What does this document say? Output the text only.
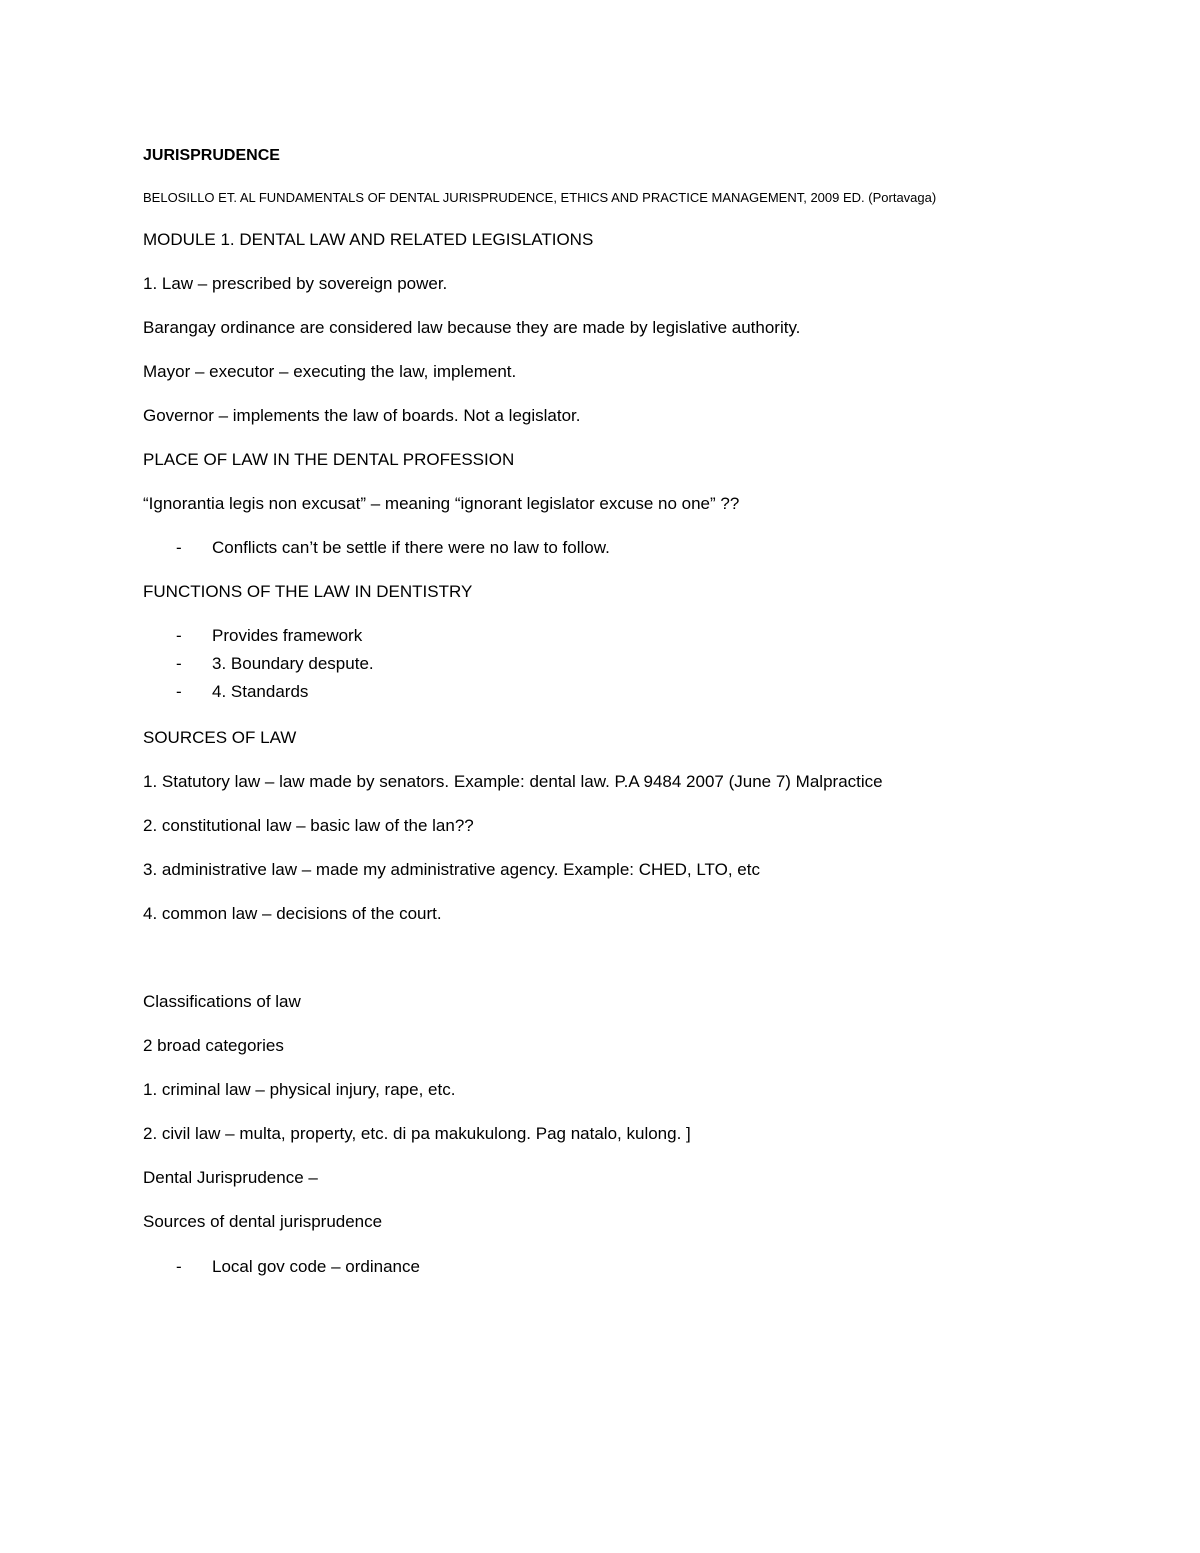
JURISPRUDENCE
BELOSILLO ET. AL FUNDAMENTALS OF DENTAL JURISPRUDENCE, ETHICS AND PRACTICE MANAGEMENT, 2009 ED. (Portavaga)
MODULE 1. DENTAL LAW AND RELATED LEGISLATIONS
1. Law – prescribed by sovereign power.
Barangay ordinance are considered law because they are made by legislative authority.
Mayor – executor – executing the law, implement.
Governor – implements the law of boards. Not a legislator.
PLACE OF LAW IN THE DENTAL PROFESSION
“Ignorantia legis non excusat” – meaning “ignorant legislator excuse no one” ??
- Conflicts can’t be settle if there were no law to follow.
FUNCTIONS OF THE LAW IN DENTISTRY
- Provides framework
- 3. Boundary despute.
- 4. Standards
SOURCES OF LAW
1. Statutory law – law made by senators. Example: dental law. P.A 9484 2007 (June 7) Malpractice
2. constitutional law – basic law of the lan??
3. administrative law – made my administrative agency. Example: CHED, LTO, etc
4. common law – decisions of the court.
Classifications of law
2 broad categories
1. criminal law – physical injury, rape, etc.
2. civil law – multa, property, etc. di pa makukulong. Pag natalo, kulong. ]
Dental Jurisprudence –
Sources of dental jurisprudence
- Local gov code – ordinance
